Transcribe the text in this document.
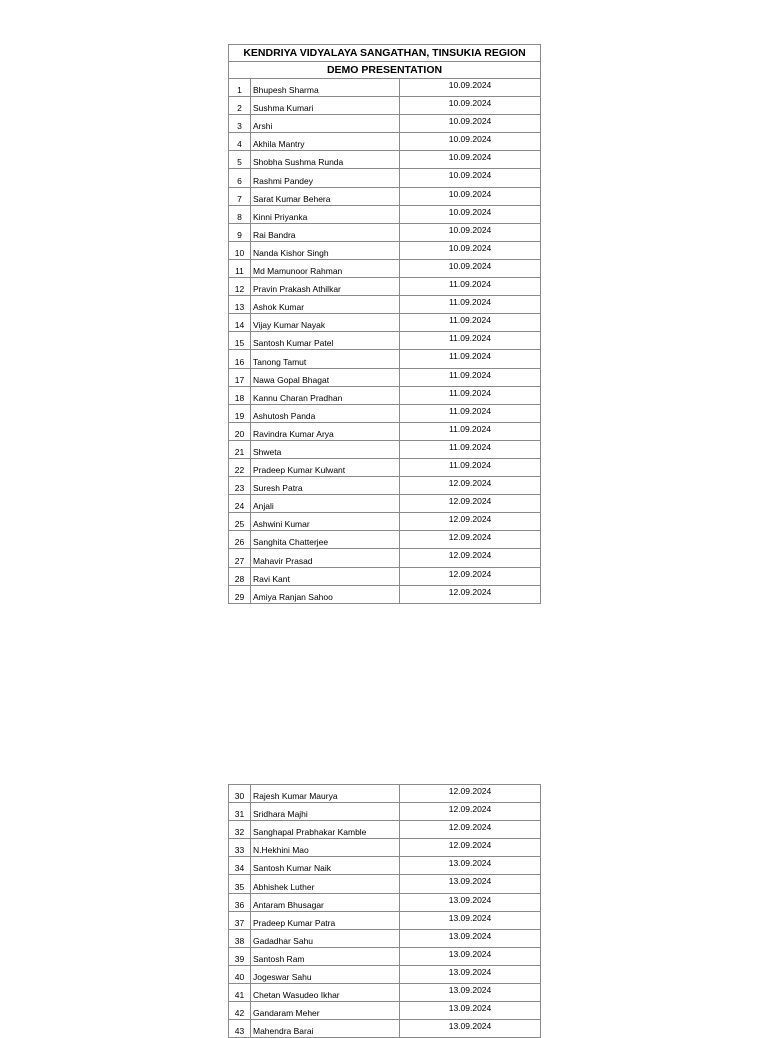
KENDRIYA VIDYALAYA SANGATHAN, TINSUKIA REGION		
DEMO PRESENTATION		
1	Bhupesh Sharma	10.09.2024
2	Sushma Kumari	10.09.2024
3	Arshi	10.09.2024
4	Akhila Mantry	10.09.2024
5	Shobha Sushma Runda	10.09.2024
6	Rashmi Pandey	10.09.2024
7	Sarat Kumar Behera	10.09.2024
8	Kinni Priyanka	10.09.2024
9	Rai Bandra	10.09.2024
10	Nanda Kishor Singh	10.09.2024
11	Md Mamunoor Rahman	10.09.2024
12	Pravin Prakash Athilkar	11.09.2024
13	Ashok Kumar	11.09.2024
14	Vijay Kumar Nayak	11.09.2024
15	Santosh Kumar Patel	11.09.2024
16	Tanong Tamut	11.09.2024
17	Nawa Gopal Bhagat	11.09.2024
18	Kannu Charan Pradhan	11.09.2024
19	Ashutosh Panda	11.09.2024
20	Ravindra Kumar Arya	11.09.2024
21	Shweta	11.09.2024
22	Pradeep Kumar Kulwant	11.09.2024
23	Suresh Patra	12.09.2024
24	Anjali	12.09.2024
25	Ashwini Kumar	12.09.2024
26	Sanghita Chatterjee	12.09.2024
27	Mahavir Prasad	12.09.2024
28	Ravi Kant	12.09.2024
29	Amiya Ranjan Sahoo	12.09.2024
30	Rajesh Kumar Maurya	12.09.2024
31	Sridhara Majhi	12.09.2024
32	Sanghapal Prabhakar Kamble	12.09.2024
33	N.Hekhini Mao	12.09.2024
34	Santosh Kumar Naik	13.09.2024
35	Abhishek Luther	13.09.2024
36	Antaram Bhusagar	13.09.2024
37	Pradeep Kumar Patra	13.09.2024
38	Gadadhar Sahu	13.09.2024
39	Santosh Ram	13.09.2024
40	Jogeswar Sahu	13.09.2024
41	Chetan Wasudeo Ikhar	13.09.2024
42	Gandaram Meher	13.09.2024
43	Mahendra Barai	13.09.2024
